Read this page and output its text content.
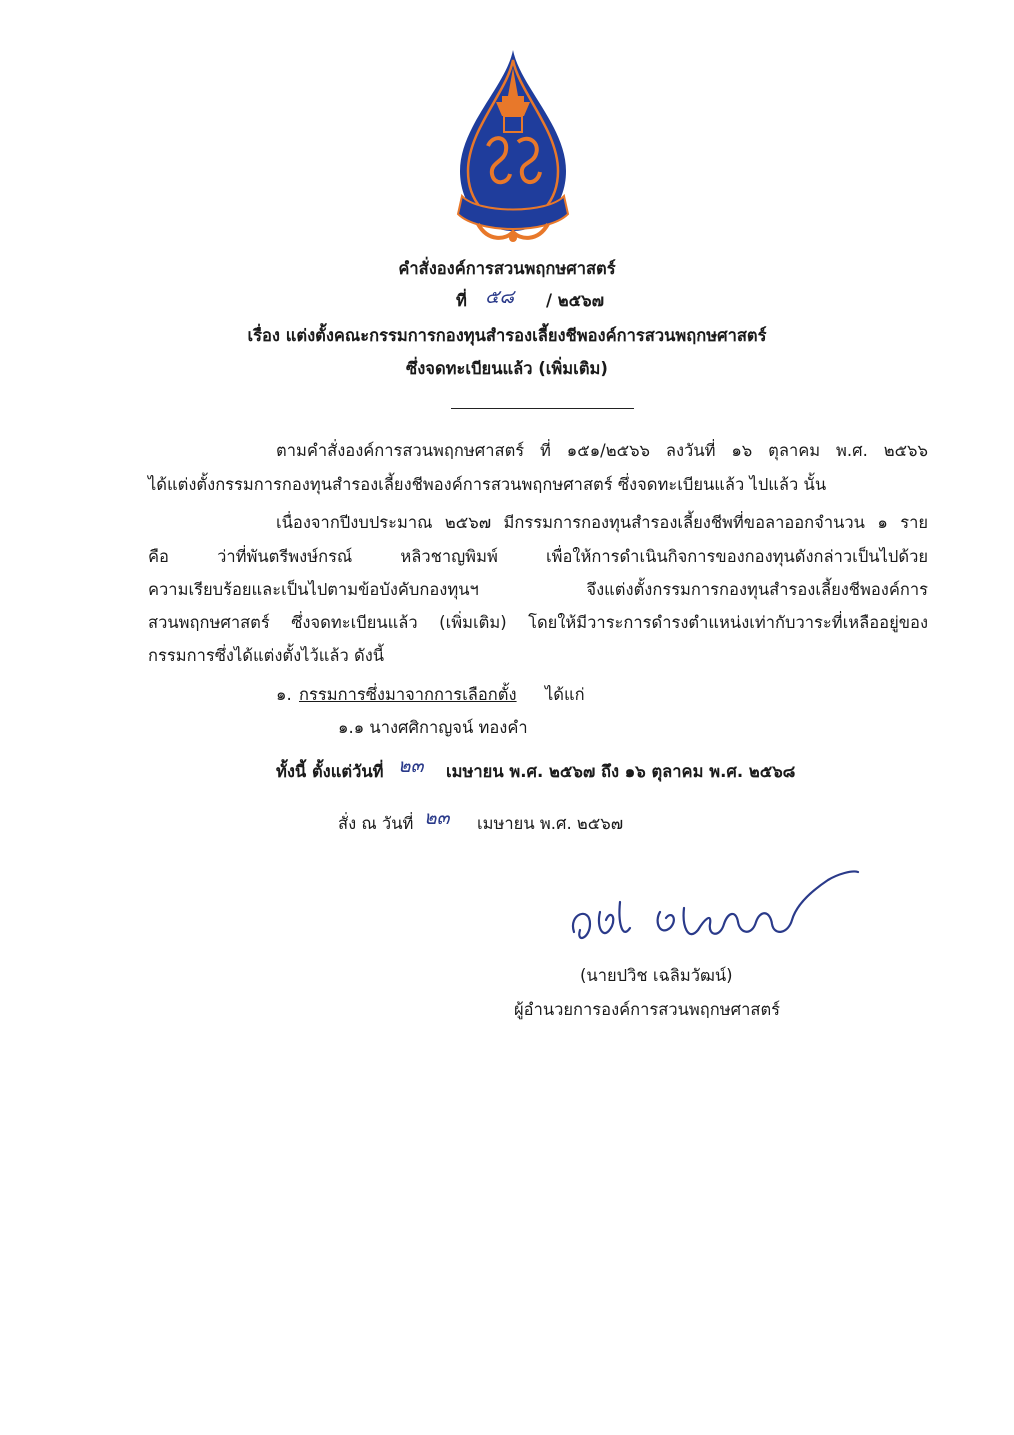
คำสั่งองค์การสวนพฤกษศาสตร์
ที่ ๕๘ / ๒๕๖๗
เรื่อง แต่งตั้งคณะกรรมการกองทุนสำรองเลี้ยงชีพองค์การสวนพฤกษศาสตร์
ซึ่งจดทะเบียนแล้ว (เพิ่มเติม)
ตามคำสั่งองค์การสวนพฤกษศาสตร์ ที่ ๑๕๑/๒๕๖๖ ลงวันที่ ๑๖ ตุลาคม พ.ศ. ๒๕๖๖
ได้แต่งตั้งกรรมการกองทุนสำรองเลี้ยงชีพองค์การสวนพฤกษศาสตร์ ซึ่งจดทะเบียนแล้ว ไปแล้ว นั้น
เนื่องจากปีงบประมาณ ๒๕๖๗ มีกรรมการกองทุนสำรองเลี้ยงชีพที่ขอลาออกจำนวน ๑ ราย
คือ ว่าที่พันตรีพงษ์กรณ์ หลิวชาญพิมพ์ เพื่อให้การดำเนินกิจการของกองทุนดังกล่าวเป็นไปด้วย
ความเรียบร้อยและเป็นไปตามข้อบังคับกองทุนฯ จึงแต่งตั้งกรรมการกองทุนสำรองเลี้ยงชีพองค์การ
สวนพฤกษศาสตร์ ซึ่งจดทะเบียนแล้ว (เพิ่มเติม) โดยให้มีวาระการดำรงตำแหน่งเท่ากับวาระที่เหลืออยู่ของ
กรรมการซึ่งได้แต่งตั้งไว้แล้ว ดังนี้
๑. กรรมการซึ่งมาจากการเลือกตั้ง ได้แก่
๑.๑ นางศศิกาญจน์ ทองคำ
ทั้งนี้ ตั้งแต่วันที่ ๒๓ เมษายน พ.ศ. ๒๕๖๗ ถึง ๑๖ ตุลาคม พ.ศ. ๒๕๖๘
สั่ง ณ วันที่ ๒๓ เมษายน พ.ศ. ๒๕๖๗
(นายปวิช เฉลิมวัฒน์)
ผู้อำนวยการองค์การสวนพฤกษศาสตร์
